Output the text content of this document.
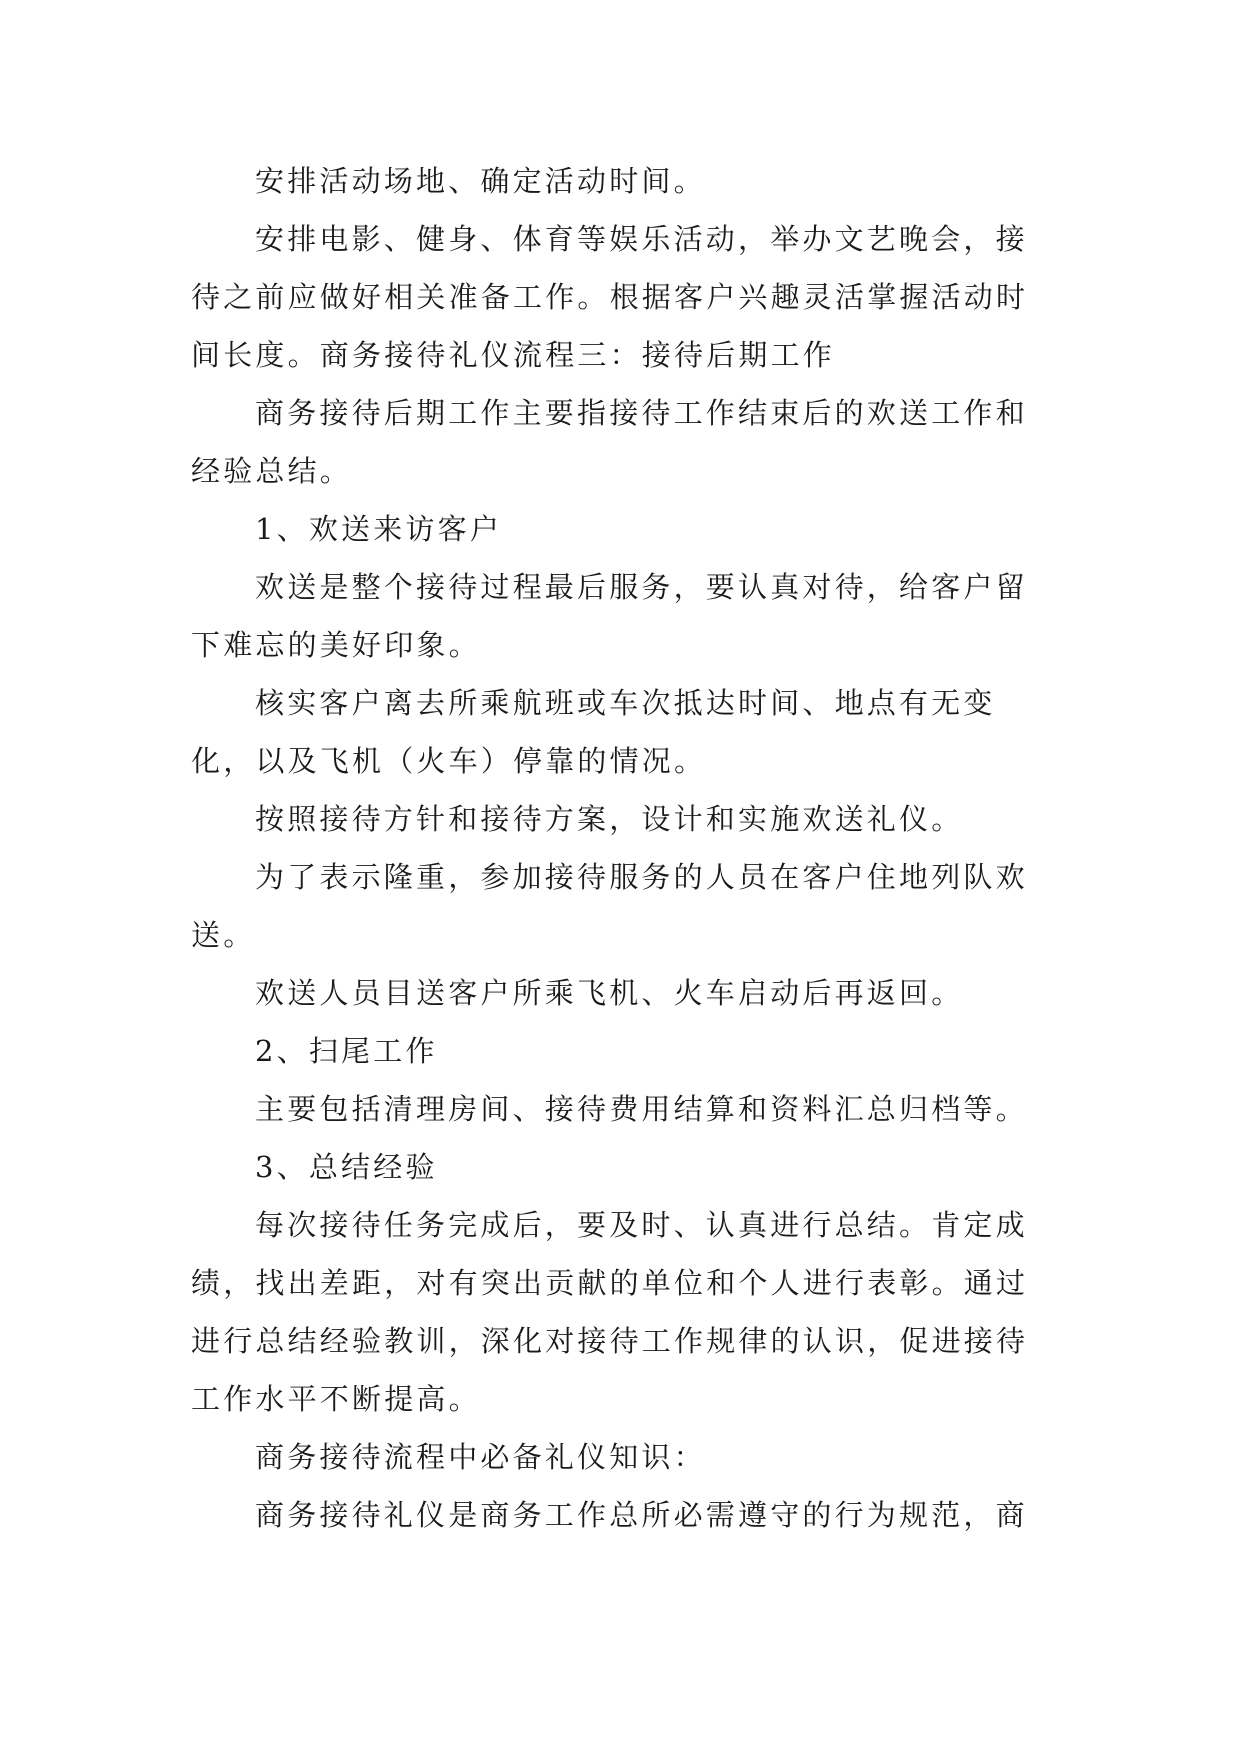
安排活动场地、确定活动时间。

安排电影、健身、体育等娱乐活动，举办文艺晚会，接待之前应做好相关准备工作。根据客户兴趣灵活掌握活动时间长度。商务接待礼仪流程三：接待后期工作

商务接待后期工作主要指接待工作结束后的欢送工作和经验总结。

1、欢送来访客户

欢送是整个接待过程最后服务，要认真对待，给客户留下难忘的美好印象。

核实客户离去所乘航班或车次抵达时间、地点有无变化，以及飞机（火车）停靠的情况。

按照接待方针和接待方案，设计和实施欢送礼仪。

为了表示隆重，参加接待服务的人员在客户住地列队欢送。

欢送人员目送客户所乘飞机、火车启动后再返回。

2、扫尾工作

主要包括清理房间、接待费用结算和资料汇总归档等。

3、总结经验

每次接待任务完成后，要及时、认真进行总结。肯定成绩，找出差距，对有突出贡献的单位和个人进行表彰。通过进行总结经验教训，深化对接待工作规律的认识，促进接待工作水平不断提高。

商务接待流程中必备礼仪知识：

商务接待礼仪是商务工作总所必需遵守的行为规范，商
